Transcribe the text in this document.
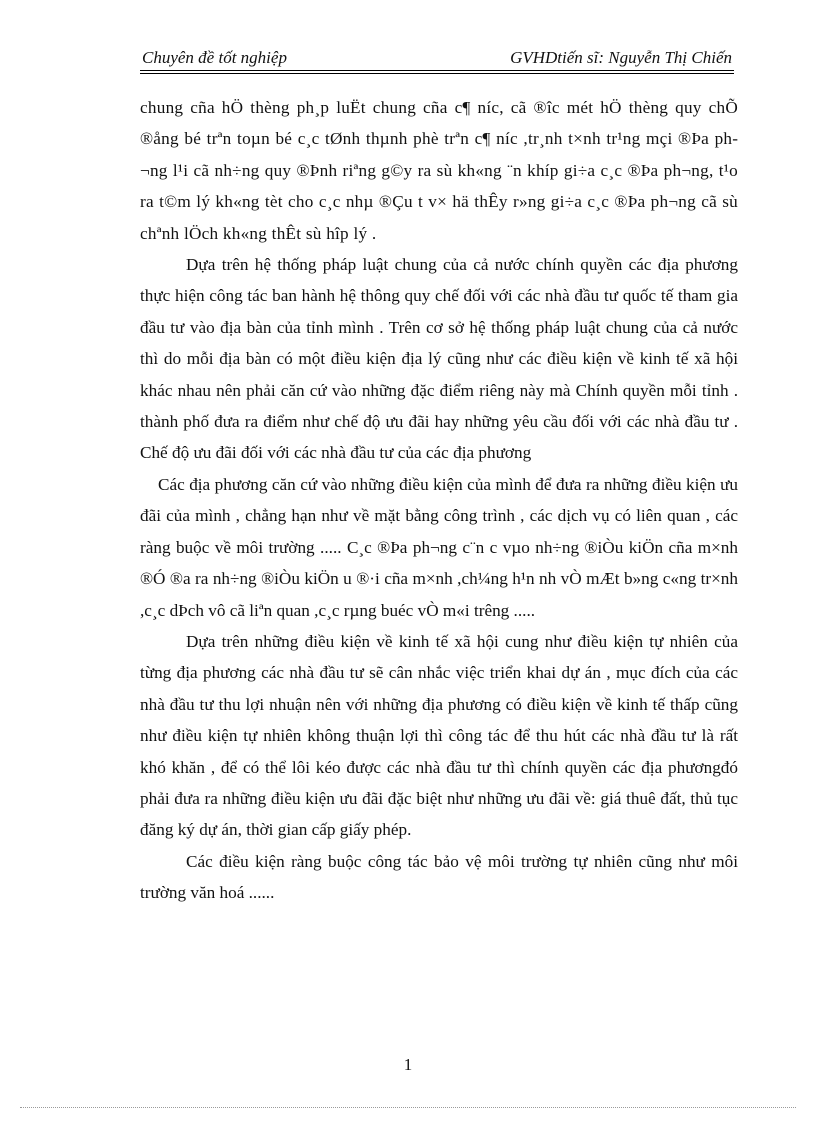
Chuyên đề tốt nghiệp	GVHDtiến sĩ: Nguyễn Thị Chiến

chung cña hÖ thèng ph¸p luËt chung cña c¶ níc, cã ®îc mét hÖ thèng quy chÕ ®ång bé trªn toµn bé c¸c tØnh thµnh phè trªn c¶ níc ,tr¸nh t×nh tr¹ng mçi ®Þa ph¬ng l¹i cã nh÷ng quy ®Þnh riªng g©y ra sù kh«ng ¨n khíp gi÷a c¸c ®Þa ph¬ng, t¹o ra t©m lý kh«ng tèt cho c¸c nhµ ®Çu t v× hä thÊy r»ng gi÷a c¸c ®Þa ph¬ng cã sù chªnh lÖch kh«ng thÊt sù hîp lý .

Dựa trên hệ thống pháp luật chung của cả nước chính quyền các địa phương thực hiện công tác ban hành hệ thông quy chế đối với các nhà đầu tư quốc tế tham gia đầu tư vào địa bàn của tỉnh mình . Trên cơ sở hệ thống pháp luật chung của cả nước thì do mỗi địa bàn có một điều kiện địa lý cũng như các điều kiện về kinh tế xã hội khác nhau nên phải căn cứ vào những đặc điểm riêng này mà Chính quyền mỗi tỉnh . thành phố đưa ra điểm như chế độ ưu đãi hay những yêu cầu đối với các nhà đầu tư . Chế độ ưu đãi đối với các nhà đầu tư của các địa phương

Các địa phương căn cứ vào những điều kiện của mình để đưa ra những điều kiện ưu đãi của mình , chẳng hạn như về mặt bằng công trình , các dịch vụ có liên quan , các ràng buộc về môi trường ..... C¸c ®Þa ph¬ng c¨n c vµo nh÷ng ®iÒu kiÖn cña m×nh ®Ó ®a ra nh÷ng ®iÒu kiÖn u ®·i cña m×nh ,ch¼ng h¹n nh vÒ mÆt b»ng c«ng tr×nh ,c¸c dÞch vô cã liªn quan ,c¸c rµng buéc vÒ m«i trêng .....

Dựa trên những điều kiện về kinh tế xã hội cung như điều kiện tự nhiên của từng địa phương các nhà đầu tư sẽ cân nhắc việc triển khai dự án , mục đích của các nhà đầu tư thu lợi nhuận nên với những địa phương có điều kiện về kinh tế thấp cũng như điều kiện tự nhiên không thuận lợi thì công tác để thu hút các nhà đầu tư là rất khó khăn , để có thể lôi kéo được các nhà đầu tư thì chính quyền các địa phươngđó phải đưa ra những điều kiện ưu đãi đặc biệt như những ưu đãi về: giá thuê đất, thủ tục đăng ký dự án, thời gian cấp giấy phép.

Các điều kiện ràng buộc công tác bảo vệ môi trường tự nhiên cũng như môi trường văn hoá ......

1
